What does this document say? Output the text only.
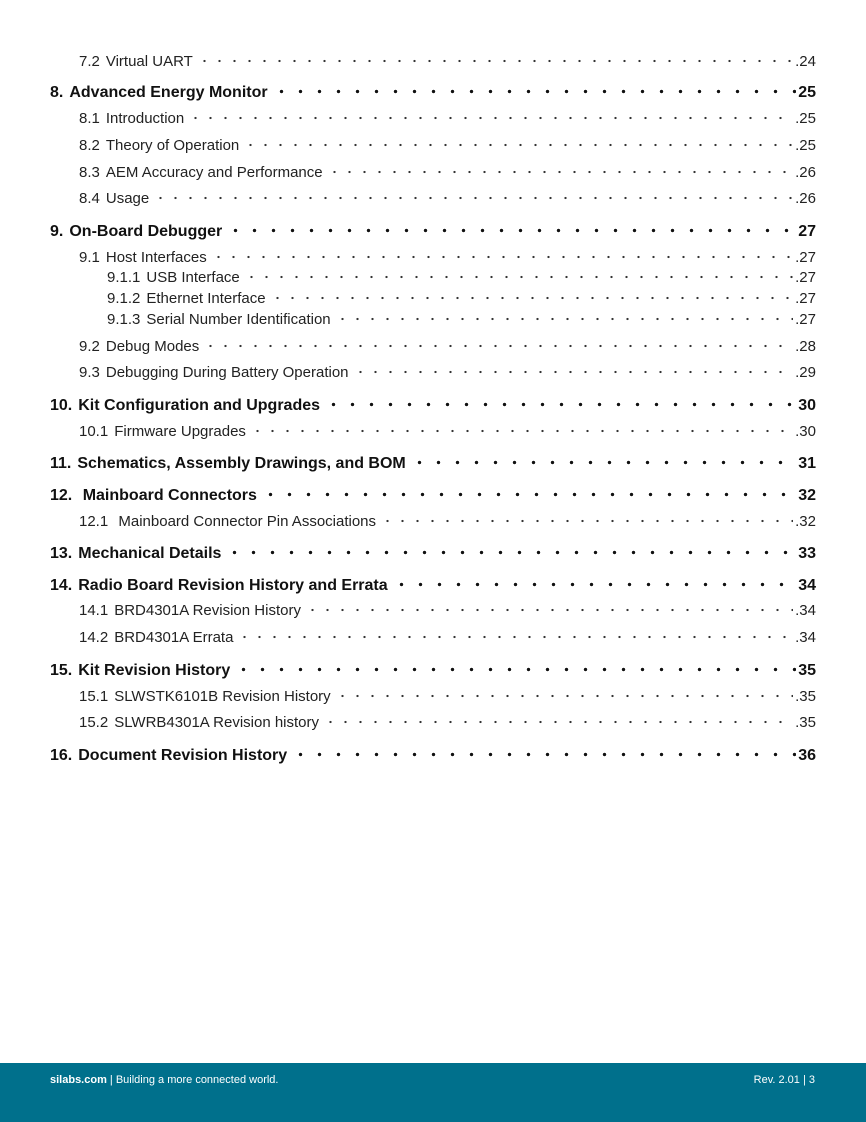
7.2 Virtual UART	.24
8. Advanced Energy Monitor	25
8.1 Introduction	.25
8.2 Theory of Operation	.25
8.3 AEM Accuracy and Performance	.26
8.4 Usage	.26
9. On-Board Debugger	27
9.1 Host Interfaces	.27
9.1.1 USB Interface	.27
9.1.2 Ethernet Interface	.27
9.1.3 Serial Number Identification	.27
9.2 Debug Modes	.28
9.3 Debugging During Battery Operation	.29
10. Kit Configuration and Upgrades	30
10.1 Firmware Upgrades	.30
11. Schematics, Assembly Drawings, and BOM	31
12. Mainboard Connectors	32
12.1 Mainboard Connector Pin Associations	.32
13. Mechanical Details	33
14. Radio Board Revision History and Errata	34
14.1 BRD4301A Revision History	.34
14.2 BRD4301A Errata	.34
15. Kit Revision History	35
15.1 SLWSTK6101B Revision History	.35
15.2 SLWRB4301A Revision history	.35
16. Document Revision History	36
silabs.com | Building a more connected world.	Rev. 2.01 | 3
